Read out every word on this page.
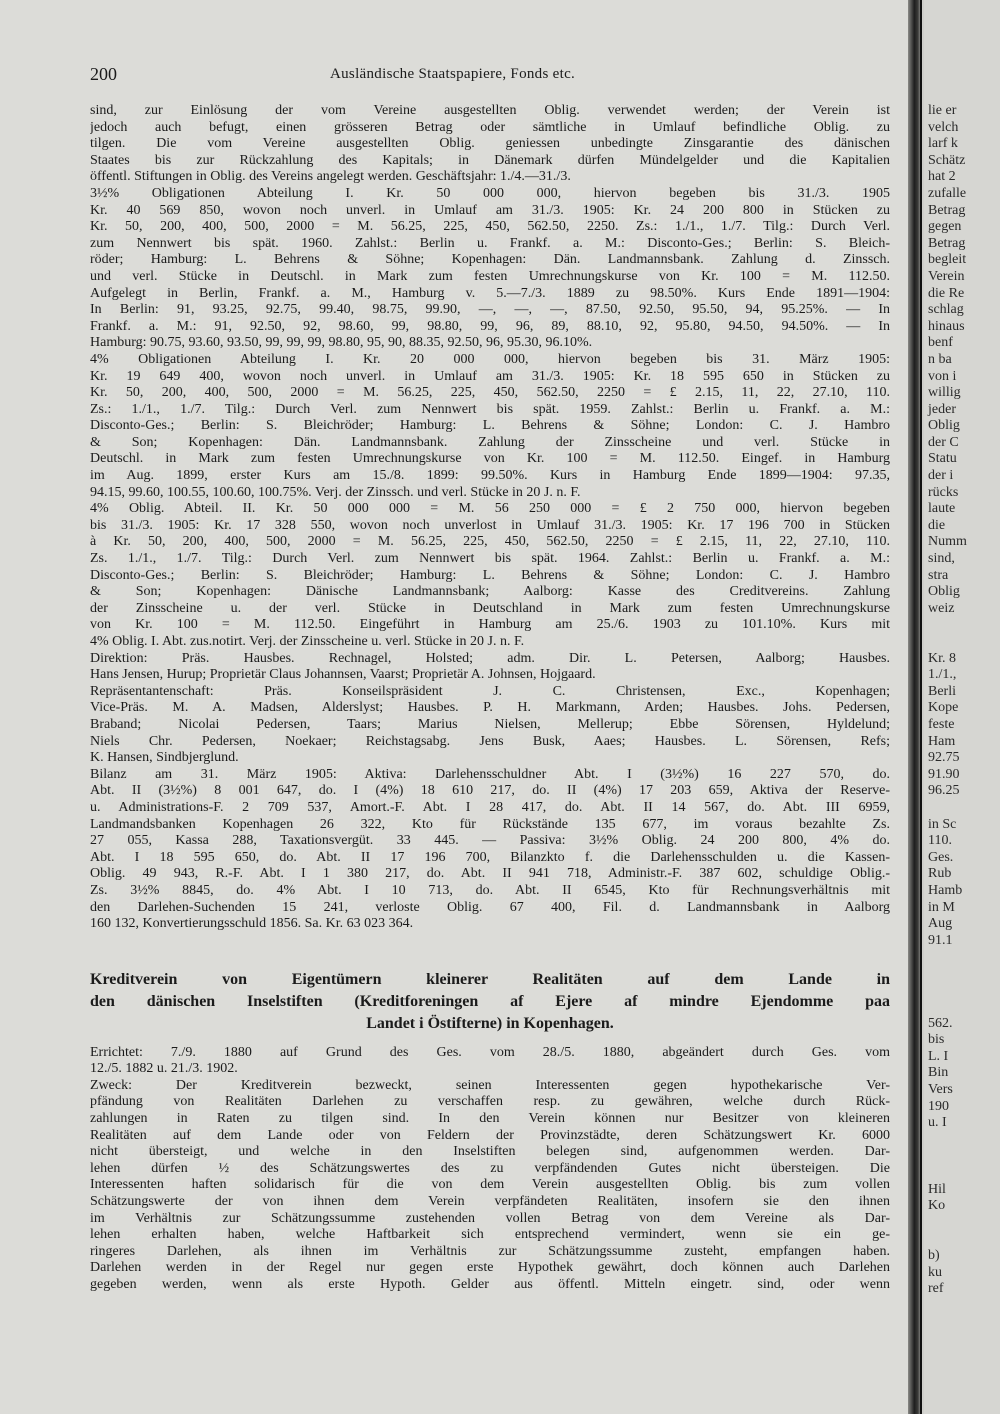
200	Ausländische Staatspapiere, Fonds etc.
sind, zur Einlösung der vom Vereine ausgestellten Oblig. verwendet werden; der Verein ist
jedoch auch befugt, einen grösseren Betrag oder sämtliche in Umlauf befindliche Oblig. zu
tilgen. Die vom Vereine ausgestellten Oblig. geniessen unbedingte Zinsgarantie des dänischen
Staates bis zur Rückzahlung des Kapitals; in Dänemark dürfen Mündelgelder und die Kapitalien
öffentl. Stiftungen in Oblig. des Vereins angelegt werden. Geschäftsjahr: 1./4.—31./3.
3½% Obligationen Abteilung I. Kr. 50 000 000, hiervon begeben bis 31./3. 1905
Kr. 40 569 850, wovon noch unverl. in Umlauf am 31./3. 1905: Kr. 24 200 800 in Stücken zu
Kr. 50, 200, 400, 500, 2000 = M. 56.25, 225, 450, 562.50, 2250. Zs.: 1./1., 1./7. Tilg.: Durch Verl.
zum Nennwert bis spät. 1960. Zahlst.: Berlin u. Frankf. a. M.: Disconto-Ges.; Berlin: S. Bleich-
röder; Hamburg: L. Behrens & Söhne; Kopenhagen: Dän. Landmannsbank. Zahlung d. Zinssch.
und verl. Stücke in Deutschl. in Mark zum festen Umrechnungskurse von Kr. 100 = M. 112.50.
Aufgelegt in Berlin, Frankf. a. M., Hamburg v. 5.—7./3. 1889 zu 98.50%. Kurs Ende 1891—1904:
In Berlin: 91, 93.25, 92.75, 99.40, 98.75, 99.90, —, —, —, 87.50, 92.50, 95.50, 94, 95.25%. — In
Frankf. a. M.: 91, 92.50, 92, 98.60, 99, 98.80, 99, 96, 89, 88.10, 92, 95.80, 94.50, 94.50%. — In
Hamburg: 90.75, 93.60, 93.50, 99, 99, 99, 98.80, 95, 90, 88.35, 92.50, 96, 95.30, 96.10%.
4% Obligationen Abteilung I. Kr. 20 000 000, hiervon begeben bis 31. März 1905:
Kr. 19 649 400, wovon noch unverl. in Umlauf am 31./3. 1905: Kr. 18 595 650 in Stücken zu
Kr. 50, 200, 400, 500, 2000 = M. 56.25, 225, 450, 562.50, 2250 = £ 2.15, 11, 22, 27.10, 110.
Zs.: 1./1., 1./7. Tilg.: Durch Verl. zum Nennwert bis spät. 1959. Zahlst.: Berlin u. Frankf. a. M.:
Disconto-Ges.; Berlin: S. Bleichröder; Hamburg: L. Behrens & Söhne; London: C. J. Hambro
& Son; Kopenhagen: Dän. Landmannsbank. Zahlung der Zinsscheine und verl. Stücke in
Deutschl. in Mark zum festen Umrechnungskurse von Kr. 100 = M. 112.50. Eingef. in Hamburg
im Aug. 1899, erster Kurs am 15./8. 1899: 99.50%. Kurs in Hamburg Ende 1899—1904: 97.35,
94.15, 99.60, 100.55, 100.60, 100.75%. Verj. der Zinssch. und verl. Stücke in 20 J. n. F.
4% Oblig. Abteil. II. Kr. 50 000 000 = M. 56 250 000 = £ 2 750 000, hiervon begeben
bis 31./3. 1905: Kr. 17 328 550, wovon noch unverlost in Umlauf 31./3. 1905: Kr. 17 196 700 in Stücken
à Kr. 50, 200, 400, 500, 2000 = M. 56.25, 225, 450, 562.50, 2250 = £ 2.15, 11, 22, 27.10, 110.
Zs. 1./1., 1./7. Tilg.: Durch Verl. zum Nennwert bis spät. 1964. Zahlst.: Berlin u. Frankf. a. M.:
Disconto-Ges.; Berlin: S. Bleichröder; Hamburg: L. Behrens & Söhne; London: C. J. Hambro
& Son; Kopenhagen: Dänische Landmannsbank; Aalborg: Kasse des Creditvereins. Zahlung
der Zinsscheine u. der verl. Stücke in Deutschland in Mark zum festen Umrechnungskurse
von Kr. 100 = M. 112.50. Eingeführt in Hamburg am 25./6. 1903 zu 101.10%. Kurs mit
4% Oblig. I. Abt. zus.notirt. Verj. der Zinsscheine u. verl. Stücke in 20 J. n. F.
Direktion: Präs. Hausbes. Rechnagel, Holsted; adm. Dir. L. Petersen, Aalborg; Hausbes.
Hans Jensen, Hurup; Proprietär Claus Johannsen, Vaarst; Proprietär A. Johnsen, Hojgaard.
Repräsentantenschaft: Präs. Konseilspräsident J. C. Christensen, Exc., Kopenhagen;
Vice-Präs. M. A. Madsen, Alderslyst; Hausbes. P. H. Markmann, Arden; Hausbes. Johs. Pedersen,
Braband; Nicolai Pedersen, Taars; Marius Nielsen, Mellerup; Ebbe Sörensen, Hyldelund;
Niels Chr. Pedersen, Noekaer; Reichstagsabg. Jens Busk, Aaes; Hausbes. L. Sörensen, Refs;
K. Hansen, Sindbjerglund.
Bilanz am 31. März 1905: Aktiva: Darlehensschuldner Abt. I (3½%) 16 227 570, do.
Abt. II (3½%) 8 001 647, do. I (4%) 18 610 217, do. II (4%) 17 203 659, Aktiva der Reserve-
u. Administrations-F. 2 709 537, Amort.-F. Abt. I 28 417, do. Abt. II 14 567, do. Abt. III 6959,
Landmandsbanken Kopenhagen 26 322, Kto für Rückstände 135 677, im voraus bezahlte Zs.
27 055, Kassa 288, Taxationsvergüt. 33 445. — Passiva: 3½% Oblig. 24 200 800, 4% do.
Abt. I 18 595 650, do. Abt. II 17 196 700, Bilanzkto f. die Darlehensschulden u. die Kassen-
Oblig. 49 943, R.-F. Abt. I 1 380 217, do. Abt. II 941 718, Administr.-F. 387 602, schuldige Oblig.-
Zs. 3½% 8845, do. 4% Abt. I 10 713, do. Abt. II 6545, Kto für Rechnungsverhältnis mit
den Darlehen-Suchenden 15 241, verloste Oblig. 67 400, Fil. d. Landmannsbank in Aalborg
160 132, Konvertierungsschuld 1856. Sa. Kr. 63 023 364.
Kreditverein von Eigentümern kleinerer Realitäten auf dem Lande in
den dänischen Inselstiften (Kreditforeningen af Ejere af mindre Ejendomme paa
Landet i Östifterne) in Kopenhagen.
Errichtet: 7./9. 1880 auf Grund des Ges. vom 28./5. 1880, abgeändert durch Ges. vom
12./5. 1882 u. 21./3. 1902.
Zweck: Der Kreditverein bezweckt, seinen Interessenten gegen hypothekarische Ver-
pfändung von Realitäten Darlehen zu verschaffen resp. zu gewähren, welche durch Rück-
zahlungen in Raten zu tilgen sind. In den Verein können nur Besitzer von kleineren
Realitäten auf dem Lande oder von Feldern der Provinzstädte, deren Schätzungswert Kr. 6000
nicht übersteigt, und welche in den Inselstiften belegen sind, aufgenommen werden. Dar-
lehen dürfen ½ des Schätzungswertes des zu verpfändenden Gutes nicht übersteigen. Die
Interessenten haften solidarisch für die von dem Verein ausgestellten Oblig. bis zum vollen
Schätzungswerte der von ihnen dem Verein verpfändeten Realitäten, insofern sie den ihnen
im Verhältnis zur Schätzungssumme zustehenden vollen Betrag von dem Vereine als Dar-
lehen erhalten haben, welche Haftbarkeit sich entsprechend vermindert, wenn sie ein ge-
ringeres Darlehen, als ihnen im Verhältnis zur Schätzungssumme zusteht, empfangen haben.
Darlehen werden in der Regel nur gegen erste Hypothek gewährt, doch können auch Darlehen
gegeben werden, wenn als erste Hypoth. Gelder aus öffentl. Mitteln eingetr. sind, oder wenn
lie er
velch
larf k
Schätz
hat 2
zufalle
Betrag
gegen
Betrag
begleit
Verein
die Re
schlag
hinaus
benf
n ba
von i
willig
jeder
Oblig
der C
Statu
der i
rücks
laute
die
Numm
sind,
stra
Oblig
weiz
Kr. 8
1./1.,
Berli
Kope
feste
Ham
92.75
91.90
96.25
in Sc
110.
Ges.
Rub
Hamb
in M
Aug
91.1
562.
bis
L. I
Bin
Vers
190
u. I
Hil
Ko
b)
ku
ref
